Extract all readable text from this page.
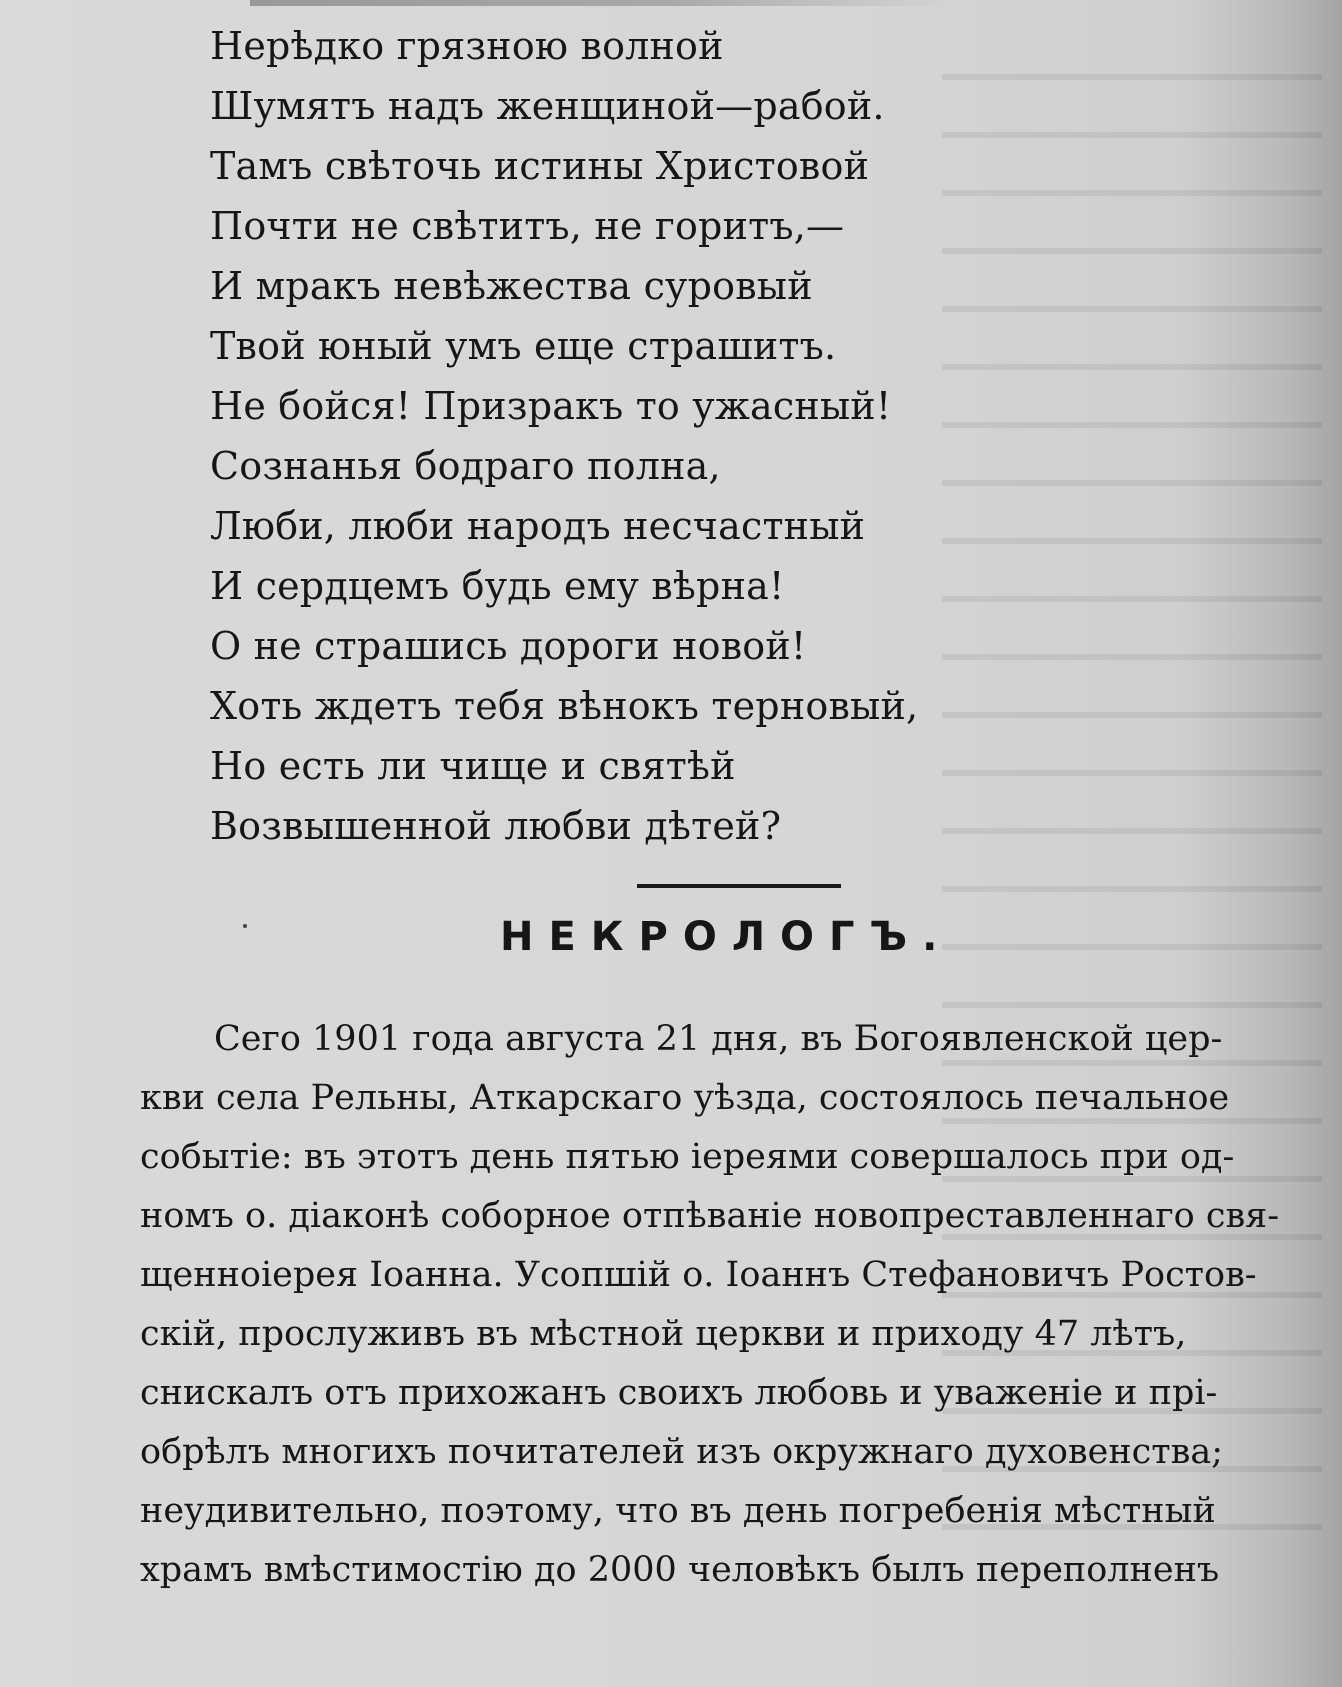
Нерѣдко грязною волной
Шумятъ надъ женщиной—рабой.
Тамъ свѣточь истины Христовой
Почти не свѣтитъ, не горитъ,—
И мракъ невѣжества суровый
Твой юный умъ еще страшитъ.
Не бойся! Призракъ то ужасный!
Сознанья бодраго полна,
Люби, люби народъ несчастный
И сердцемъ будь ему вѣрна!
О не страшись дороги новой!
Хоть ждетъ тебя вѣнокъ терновый,
Но есть ли чище и святѣй
Возвышенной любви дѣтей?
НЕКРОЛОГЪ.
Сего 1901 года августа 21 дня, въ Богоявленской цер-
кви села Рельны, Аткарскаго уѣзда, состоялось печальное
событіе: въ этотъ день пятью іереями совершалось при од-
номъ о. діаконѣ соборное отпѣваніе новопреставленнаго свя-
щенноіерея Іоанна. Усопшій о. Іоаннъ Стефановичъ Ростов-
скій, прослуживъ въ мѣстной церкви и приходу 47 лѣтъ,
снискалъ отъ прихожанъ своихъ любовь и уваженіе и прі-
обрѣлъ многихъ почитателей изъ окружнаго духовенства;
неудивительно, поэтому, что въ день погребенія мѣстный
храмъ вмѣстимостію до 2000 человѣкъ былъ переполненъ
